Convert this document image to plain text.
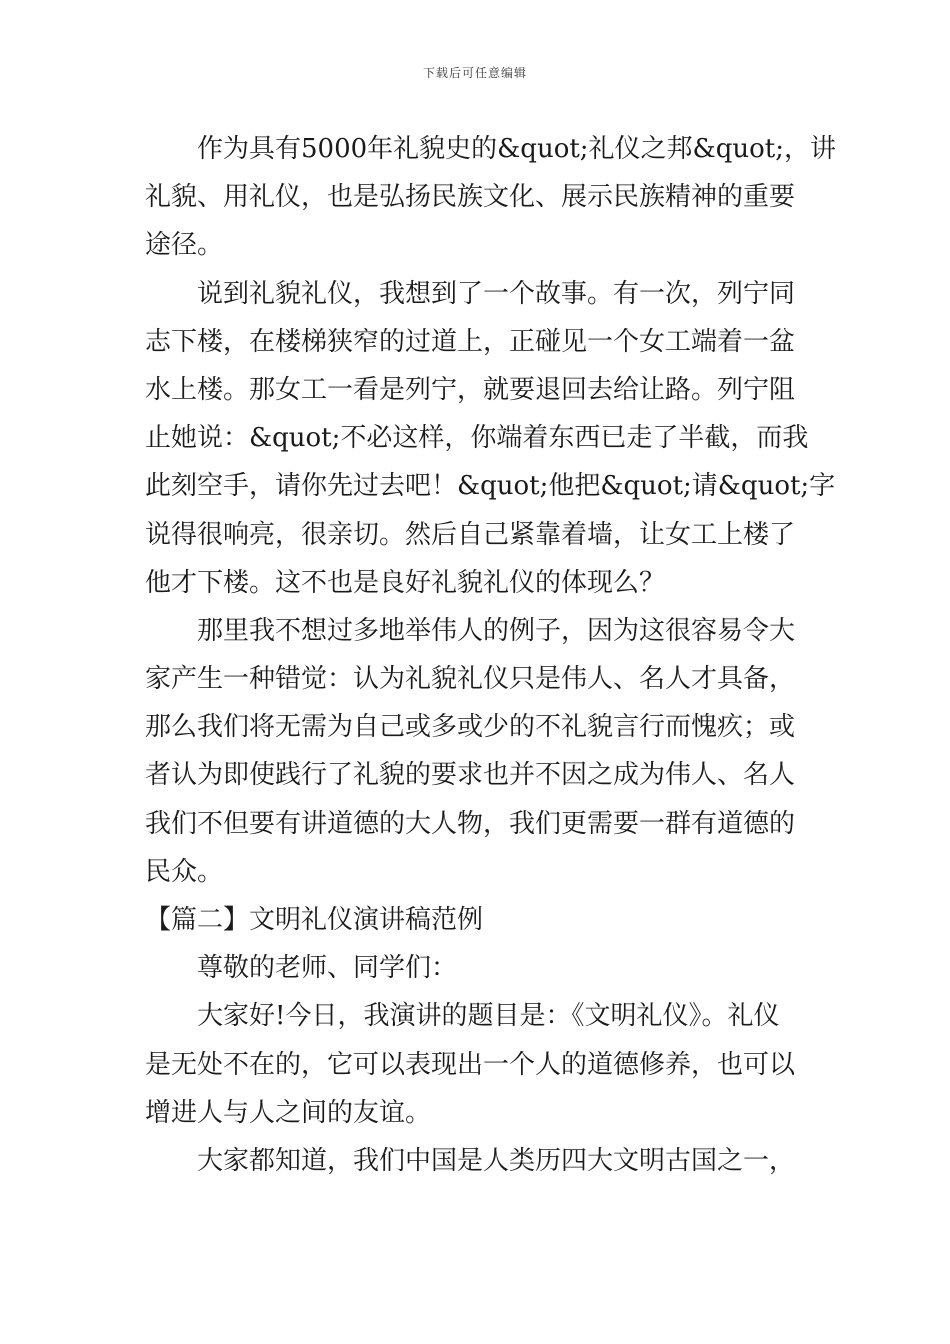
下载后可任意编辑
作为具有5000年礼貌史的&quot;礼仪之邦&quot;，讲
礼貌、用礼仪，也是弘扬民族文化、展示民族精神的重要
途径。
说到礼貌礼仪，我想到了一个故事。有一次，列宁同
志下楼，在楼梯狭窄的过道上，正碰见一个女工端着一盆
水上楼。那女工一看是列宁，就要退回去给让路。列宁阻
止她说：&quot;不必这样，你端着东西已走了半截，而我
此刻空手，请你先过去吧！&quot;他把&quot;请&quot;字
说得很响亮，很亲切。然后自己紧靠着墙，让女工上楼了
他才下楼。这不也是良好礼貌礼仪的体现么？
那里我不想过多地举伟人的例子，因为这很容易令大
家产生一种错觉：认为礼貌礼仪只是伟人、名人才具备，
那么我们将无需为自己或多或少的不礼貌言行而愧疚；或
者认为即使践行了礼貌的要求也并不因之成为伟人、名人
我们不但要有讲道德的大人物，我们更需要一群有道德的
民众。
【篇二】文明礼仪演讲稿范例
尊敬的老师、同学们：
大家好!今日，我演讲的题目是：《文明礼仪》。礼仪
是无处不在的，它可以表现出一个人的道德修养，也可以
增进人与人之间的友谊。
大家都知道，我们中国是人类历四大文明古国之一，
